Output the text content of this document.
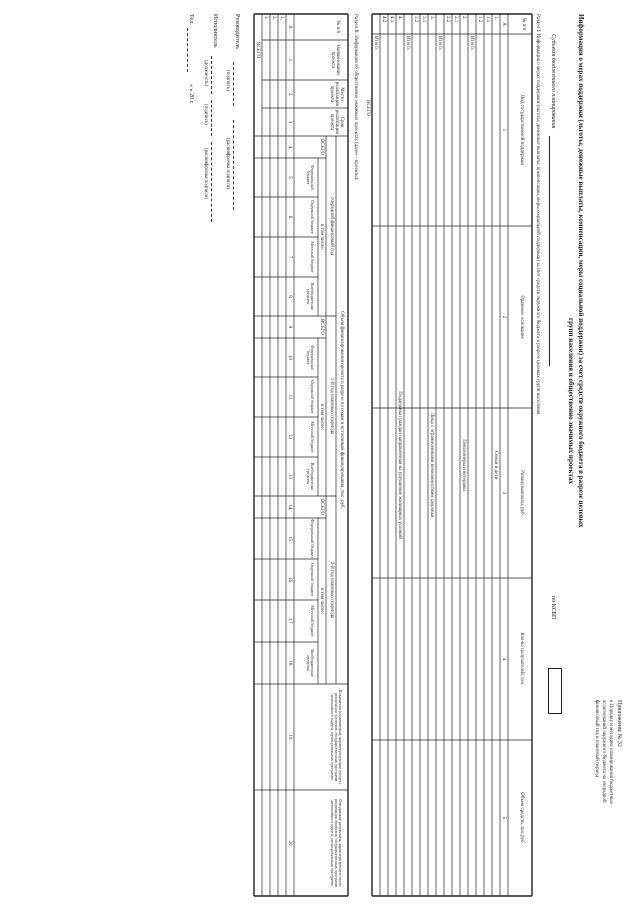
Приложение № 32
к Порядку и методике планирования бюджетных
ассигнований окружного бюджета на очередной
финансовый год и плановый период
Информация о мерах поддержки (льготы, денежные выплаты, компенсации, меры социальной поддержки) за счет средств окружного бюджета в разрезе целевых
групп населения и общественно значимых проектах
Субъект бюджетного планирования
по КСБП
Раздел I. Информация о мерах поддержки (льготы, денежные выплаты, компенсации, меры социальной поддержки) за счет средств окружного бюджета в разрезе целевых групп населения.
№ п/п
Вид государственной поддержки
Правовое основание
Размер выплаты, руб.
Кол-во получателей, чел.
Объем средств, тыс.руб.
А
1
2
3
4
5
1.
Семьи и дети
1.1
1.2
Итого:
2.
Пенсионеры и ветераны
2.1
2.2
Итого:
3.
Лица с ограниченными возможностями здоровья
3.1
3.2
Итого:
4.
Поддержка граждан направленная на улучшение жилищных условий
4.1
4.2
Итого:
ВСЕГО
Раздел II. Информация об общественно значимых проектах (далее - проекты).
№ п/п
Наименование проекта
Место реализации проекта
Срок реализации проекта
Объем финансирования проекта в разрезе по годам и источникам финансирования, тыс. руб.
очередной финансовый год
1-й год планового периода
2-й год планового периода
ВСЕГО
в том числе:
ВСЕГО
в том числе:
ВСЕГО
в том числе:
Федеральный бюджет
Окружной бюджет
Местный бюджет
Внебюджетные средства
Федеральный бюджет
Окружной бюджет
Местный бюджет
Внебюджетные средства
Федеральный бюджет
Окружной бюджет
Местный бюджет
Внебюджетные средства
Показатели (индикаторы), характеризующие процесс реализации проектов, государственных программ автономного округа, муниципальных программ
Ожидаемые результаты, характеризующие итоги реализации проектов, государственных программ автономного округа, муниципальных программ
А
1
2
3
4
5
6
7
8
9
10
11
12
13
14
15
16
17
18
19
20
1.
2.
3.
ВСЕГО
Руководитель
(подпись)
(расшифровка подписи)
Исполнитель
(должность)
(подпись)
(расшифровка подписи)
Тел.
« » 20 г.
